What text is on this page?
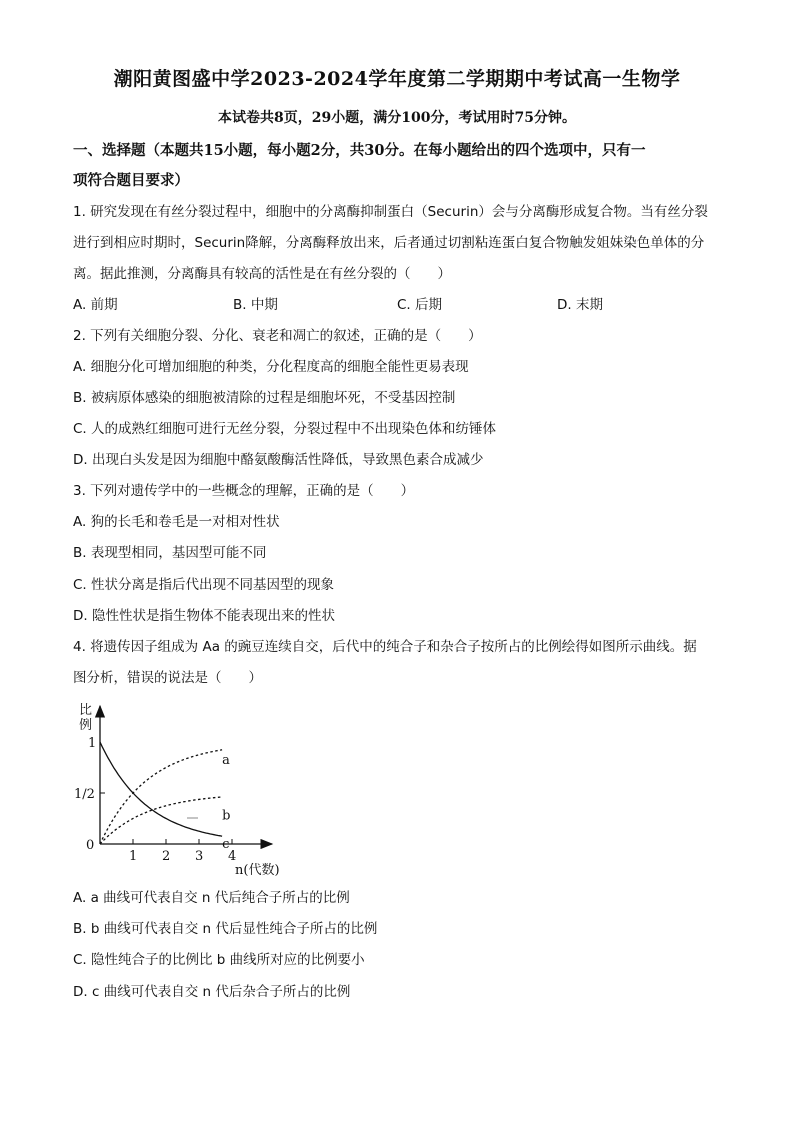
潮阳黄图盛中学2023-2024学年度第二学期期中考试高一生物学
本试卷共8页，29小题，满分100分，考试用时75分钟。
一、选择题（本题共15小题，每小题2分，共30分。在每小题给出的四个选项中，只有一
项符合题目要求）
1. 研究发现在有丝分裂过程中，细胞中的分离酶抑制蛋白（Securin）会与分离酶形成复合物。当有丝分裂
进行到相应时期时，Securin降解，分离酶释放出来，后者通过切割粘连蛋白复合物触发姐妹染色单体的分
离。据此推测，分离酶具有较高的活性是在有丝分裂的（　　）
A. 前期	B. 中期	C. 后期	D. 末期
2. 下列有关细胞分裂、分化、衰老和凋亡的叙述，正确的是（　　）
A. 细胞分化可增加细胞的种类，分化程度高的细胞全能性更易表现
B. 被病原体感染的细胞被清除的过程是细胞坏死，不受基因控制
C. 人的成熟红细胞可进行无丝分裂，分裂过程中不出现染色体和纺锤体
D. 出现白头发是因为细胞中酪氨酸酶活性降低，导致黑色素合成减少
3. 下列对遗传学中的一些概念的理解，正确的是（　　）
A. 狗的长毛和卷毛是一对相对性状
B. 表现型相同，基因型可能不同
C. 性状分离是指后代出现不同基因型的现象
D. 隐性性状是指生物体不能表现出来的性状
4. 将遗传因子组成为 Aa 的豌豆连续自交，后代中的纯合子和杂合子按所占的比例绘得如图所示曲线。据
图分析，错误的说法是（　　）
比
例
n(代数)
1 2 3 4
0
1/2
1
a
b
c
A. a 曲线可代表自交 n 代后纯合子所占的比例
B. b 曲线可代表自交 n 代后显性纯合子所占的比例
C. 隐性纯合子的比例比 b 曲线所对应的比例要小
D. c 曲线可代表自交 n 代后杂合子所占的比例
